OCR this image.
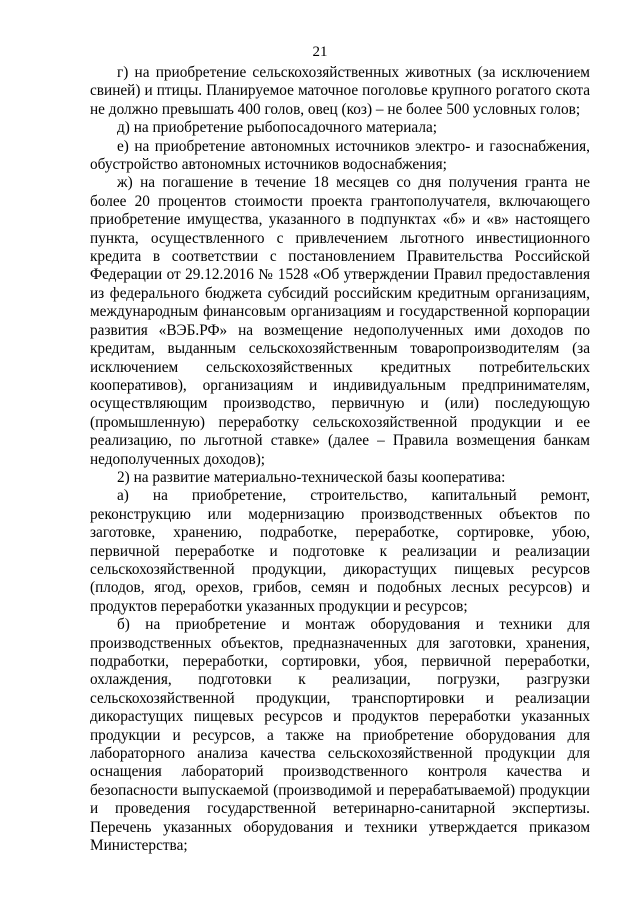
21

г) на приобретение сельскохозяйственных животных (за исключением свиней) и птицы. Планируемое маточное поголовье крупного рогатого скота не должно превышать 400 голов, овец (коз) – не более 500 условных голов;

д) на приобретение рыбопосадочного материала;

е) на приобретение автономных источников электро- и газоснабжения, обустройство автономных источников водоснабжения;

ж) на погашение в течение 18 месяцев со дня получения гранта не более 20 процентов стоимости проекта грантополучателя, включающего приобретение имущества, указанного в подпунктах «б» и «в» настоящего пункта, осуществленного с привлечением льготного инвестиционного кредита в соответствии с постановлением Правительства Российской Федерации от 29.12.2016 № 1528 «Об утверждении Правил предоставления из федерального бюджета субсидий российским кредитным организациям, международным финансовым организациям и государственной корпорации развития «ВЭБ.РФ» на возмещение недополученных ими доходов по кредитам, выданным сельскохозяйственным товаропроизводителям (за исключением сельскохозяйственных кредитных потребительских кооперативов), организациям и индивидуальным предпринимателям, осуществляющим производство, первичную и (или) последующую (промышленную) переработку сельскохозяйственной продукции и ее реализацию, по льготной ставке» (далее – Правила возмещения банкам недополученных доходов);

2) на развитие материально-технической базы кооператива:

а) на приобретение, строительство, капитальный ремонт, реконструкцию или модернизацию производственных объектов по заготовке, хранению, подработке, переработке, сортировке, убою, первичной переработке и подготовке к реализации и реализации сельскохозяйственной продукции, дикорастущих пищевых ресурсов (плодов, ягод, орехов, грибов, семян и подобных лесных ресурсов) и продуктов переработки указанных продукции и ресурсов;

б) на приобретение и монтаж оборудования и техники для производственных объектов, предназначенных для заготовки, хранения, подработки, переработки, сортировки, убоя, первичной переработки, охлаждения, подготовки к реализации, погрузки, разгрузки сельскохозяйственной продукции, транспортировки и реализации дикорастущих пищевых ресурсов и продуктов переработки указанных продукции и ресурсов, а также на приобретение оборудования для лабораторного анализа качества сельскохозяйственной продукции для оснащения лабораторий производственного контроля качества и безопасности выпускаемой (производимой и перерабатываемой) продукции и проведения государственной ветеринарно-санитарной экспертизы. Перечень указанных оборудования и техники утверждается приказом Министерства;
